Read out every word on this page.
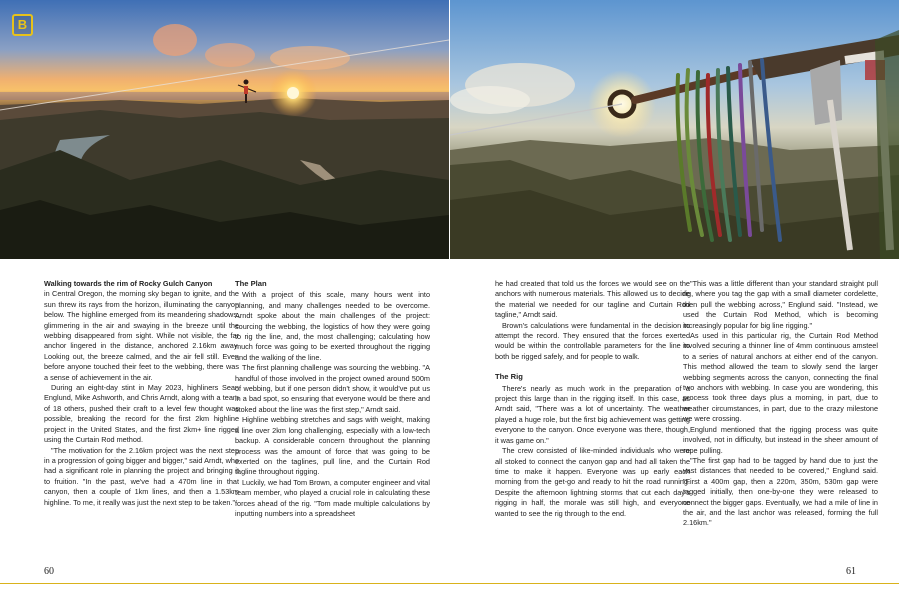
B

Walking towards the rim of Rocky Gulch Canyon
in Central Oregon, the morning sky began to ignite, and the sun threw its rays from the horizon, illuminating the canyon below. The highline emerged from its meandering shadows, glimmering in the air and swaying in the breeze until the webbing disappeared from sight. While not visible, the far anchor lingered in the distance, anchored 2.16km away. Looking out, the breeze calmed, and the air fell still. Even before anyone touched their feet to the webbing, there was a sense of achievement in the air.

During an eight-day stint in May 2023, highliners Sean Englund, Mike Ashworth, and Chris Arndt, along with a team of 18 others, pushed their craft to a level few thought was possible, breaking the record for the first 2km highline project in the United States, and the first 2km+ line rigged using the Curtain Rod method.

"The motivation for the 2.16km project was the next step in a progression of going bigger and bigger," said Arndt, who had a significant role in planning the project and bringing it to fruition. "In the past, we've had a 470m line in that canyon, then a couple of 1km lines, and then a 1.53km highline. To me, it really was just the next step to be taken."

The Plan

With a project of this scale, many hours went into planning, and many challenges needed to be overcome. Arndt spoke about the main challenges of the project: sourcing the webbing, the logistics of how they were going to rig the line, and, the most challenging; calculating how much force was going to be exerted throughout the rigging and the walking of the line.

The first planning challenge was sourcing the webbing. "A handful of those involved in the project owned around 500m of webbing, but if one person didn't show, it would've put us in a bad spot, so ensuring that everyone would be there and stoked about the line was the first step," Arndt said.

Highline webbing stretches and sags with weight, making a line over 2km long challenging, especially with a low-tech backup. A considerable concern throughout the planning process was the amount of force that was going to be exerted on the taglines, pull line, and the Curtain Rod tagline throughout rigging.

Luckily, we had Tom Brown, a computer engineer and vital team member, who played a crucial role in calculating these forces ahead of the rig. "Tom made multiple calculations by inputting numbers into a spreadsheet

he had created that told us the forces we would see on the anchors with numerous materials. This allowed us to decide the material we needed for our tagline and Curtain Rod tagline," Arndt said.

Brown's calculations were fundamental in the decision to attempt the record. They ensured that the forces exerted would be within the controllable parameters for the line to both be rigged safely, and for people to walk.

The Rig

There's nearly as much work in the preparation of a project this large than in the rigging itself. In this case, as Arndt said, "There was a lot of uncertainty. The weather played a huge role, but the first big achievement was getting everyone to the canyon. Once everyone was there, though, it was game on."

The crew consisted of like-minded individuals who were all stoked to connect the canyon gap and had all taken the time to make it happen. Everyone was up early each morning from the get-go and ready to hit the road running. Despite the afternoon lightning storms that cut each day's rigging in half, the morale was still high, and everyone wanted to see the rig through to the end.

"This was a little different than your standard straight pull rig, where you tag the gap with a small diameter cordelette, then pull the webbing across," Englund said. "Instead, we used the Curtain Rod Method, which is becoming increasingly popular for big line rigging."

As used in this particular rig, the Curtain Rod Method involved securing a thinner line of 4mm continuous amsteel to a series of natural anchors at either end of the canyon. This method allowed the team to slowly send the larger webbing segments across the canyon, connecting the final two anchors with webbing. In case you are wondering, this process took three days plus a morning, in part, due to weather circumstances, in part, due to the crazy milestone we were crossing.

Englund mentioned that the rigging process was quite involved, not in difficulty, but instead in the sheer amount of rope pulling.

"The first gap had to be tagged by hand due to just the vast distances that needed to be covered," Englund said. "First a 400m gap, then a 220m, 350m, 530m gap were tagged initially, then one-by-one they were released to connect the bigger gaps. Eventually, we had a mile of line in the air, and the last anchor was released, forming the full 2.16km."

60	61
